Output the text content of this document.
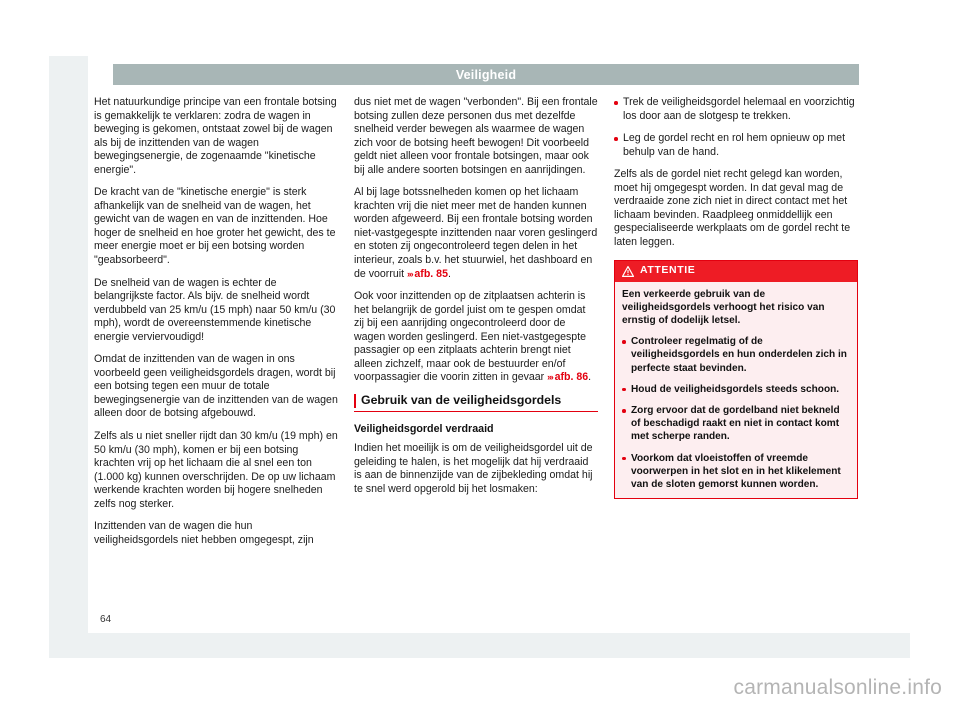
Veiligheid

Het natuurkundige principe van een frontale botsing is gemakkelijk te verklaren: zodra de wagen in beweging is gekomen, ontstaat zowel bij de wagen als bij de inzittenden van de wagen bewegingsenergie, de zogenaamde "kinetische energie".

De kracht van de "kinetische energie" is sterk afhankelijk van de snelheid van de wagen, het gewicht van de wagen en van de inzittenden. Hoe hoger de snelheid en hoe groter het gewicht, des te meer energie moet er bij een botsing worden "geabsorbeerd".

De snelheid van de wagen is echter de belangrijkste factor. Als bijv. de snelheid wordt verdubbeld van 25 km/u (15 mph) naar 50 km/u (30 mph), wordt de overeenstemmende kinetische energie verviervoudigd!

Omdat de inzittenden van de wagen in ons voorbeeld geen veiligheidsgordels dragen, wordt bij een botsing tegen een muur de totale bewegingsenergie van de inzittenden van de wagen alleen door de botsing afgebouwd.

Zelfs als u niet sneller rijdt dan 30 km/u (19 mph) en 50 km/u (30 mph), komen er bij een botsing krachten vrij op het lichaam die al snel een ton (1.000 kg) kunnen overschrijden. De op uw lichaam werkende krachten worden bij hogere snelheden zelfs nog sterker.

Inzittenden van de wagen die hun veiligheidsgordels niet hebben omgegespt, zijn

dus niet met de wagen "verbonden". Bij een frontale botsing zullen deze personen dus met dezelfde snelheid verder bewegen als waarmee de wagen zich voor de botsing heeft bewogen! Dit voorbeeld geldt niet alleen voor frontale botsingen, maar ook bij alle andere soorten botsingen en aanrijdingen.

Al bij lage botssnelheden komen op het lichaam krachten vrij die niet meer met de handen kunnen worden afgeweerd. Bij een frontale botsing worden niet-vastgegespte inzittenden naar voren geslingerd en stoten zij ongecontroleerd tegen delen in het interieur, zoals b.v. het stuurwiel, het dashboard en de voorruit ››› afb. 85.

Ook voor inzittenden op de zitplaatsen achterin is het belangrijk de gordel juist om te gespen omdat zij bij een aanrijding ongecontroleerd door de wagen worden geslingerd. Een niet-vastgegespte passagier op een zitplaats achterin brengt niet alleen zichzelf, maar ook de bestuurder en/of voorpassagier die voorin zitten in gevaar ››› afb. 86.

Gebruik van de veiligheidsgordels
Veiligheidsgordel verdraaid

Indien het moeilijk is om de veiligheidsgordel uit de geleiding te halen, is het mogelijk dat hij verdraaid is aan de binnenzijde van de zijbekleding omdat hij te snel werd opgerold bij het losmaken:

Trek de veiligheidsgordel helemaal en voorzichtig los door aan de slotgesp te trekken.
Leg de gordel recht en rol hem opnieuw op met behulp van de hand.

Zelfs als de gordel niet recht gelegd kan worden, moet hij omgegespt worden. In dat geval mag de verdraaide zone zich niet in direct contact met het lichaam bevinden. Raadpleeg onmiddellijk een gespecialiseerde werkplaats om de gordel recht te laten leggen.

ATTENTIE

Een verkeerde gebruik van de veiligheidsgordels verhoogt het risico van ernstig of dodelijk letsel.

Controleer regelmatig of de veiligheidsgordels en hun onderdelen zich in perfecte staat bevinden.

Houd de veiligheidsgordels steeds schoon.

Zorg ervoor dat de gordelband niet bekneld of beschadigd raakt en niet in contact komt met scherpe randen.

Voorkom dat vloeistoffen of vreemde voorwerpen in het slot en in het klikelement van de sloten gemorst kunnen worden.

64
carmanualsonline.info
